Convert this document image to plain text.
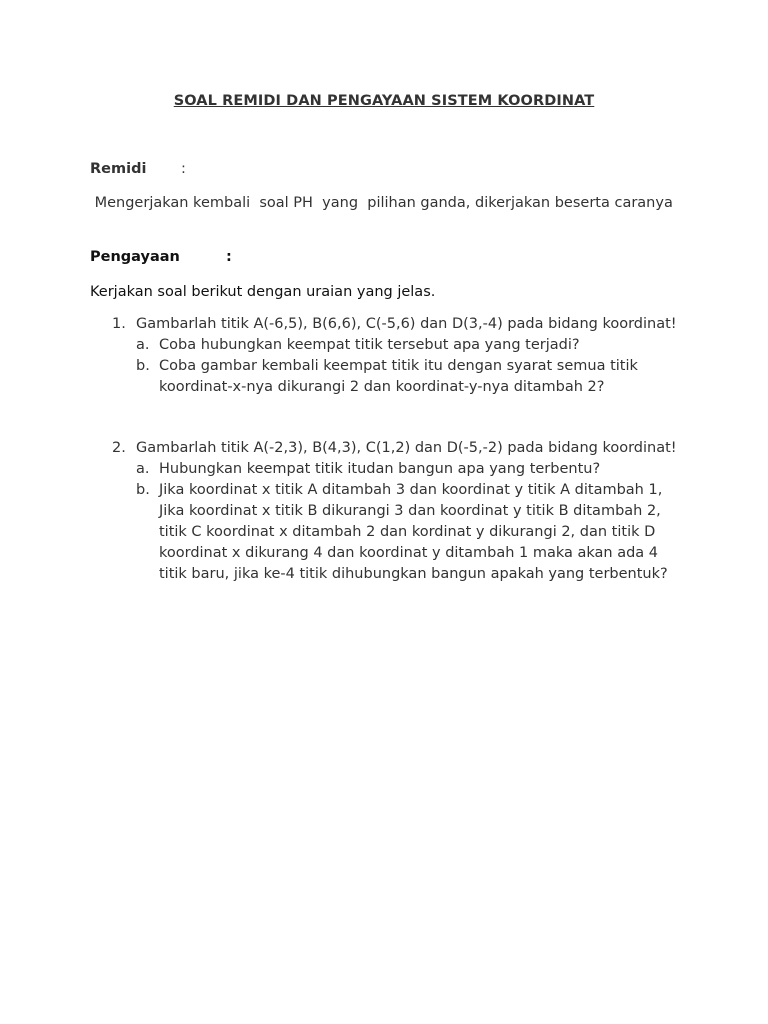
SOAL REMIDI DAN PENGAYAAN SISTEM KOORDINAT
Remidi :
Mengerjakan kembali  soal PH  yang  pilihan ganda, dikerjakan beserta caranya
Pengayaan	:
Kerjakan soal berikut dengan uraian yang jelas.
1. Gambarlah titik A(-6,5), B(6,6), C(-5,6) dan D(3,-4) pada bidang koordinat!
a. Coba hubungkan keempat titik tersebut apa yang terjadi?
b. Coba gambar kembali keempat titik itu dengan syarat semua titik koordinat-x-nya dikurangi 2 dan koordinat-y-nya ditambah 2?
2. Gambarlah titik A(-2,3), B(4,3), C(1,2) dan D(-5,-2) pada bidang koordinat!
a. Hubungkan keempat titik itudan bangun apa yang terbentu?
b. Jika koordinat x titik A ditambah 3 dan koordinat y titik A ditambah 1, Jika koordinat x titik B dikurangi 3 dan koordinat y titik B ditambah 2, titik C koordinat x ditambah 2 dan kordinat y dikurangi 2, dan titik D koordinat x dikurang 4 dan koordinat y ditambah 1 maka akan ada 4 titik baru, jika ke-4 titik dihubungkan bangun apakah yang terbentuk?
